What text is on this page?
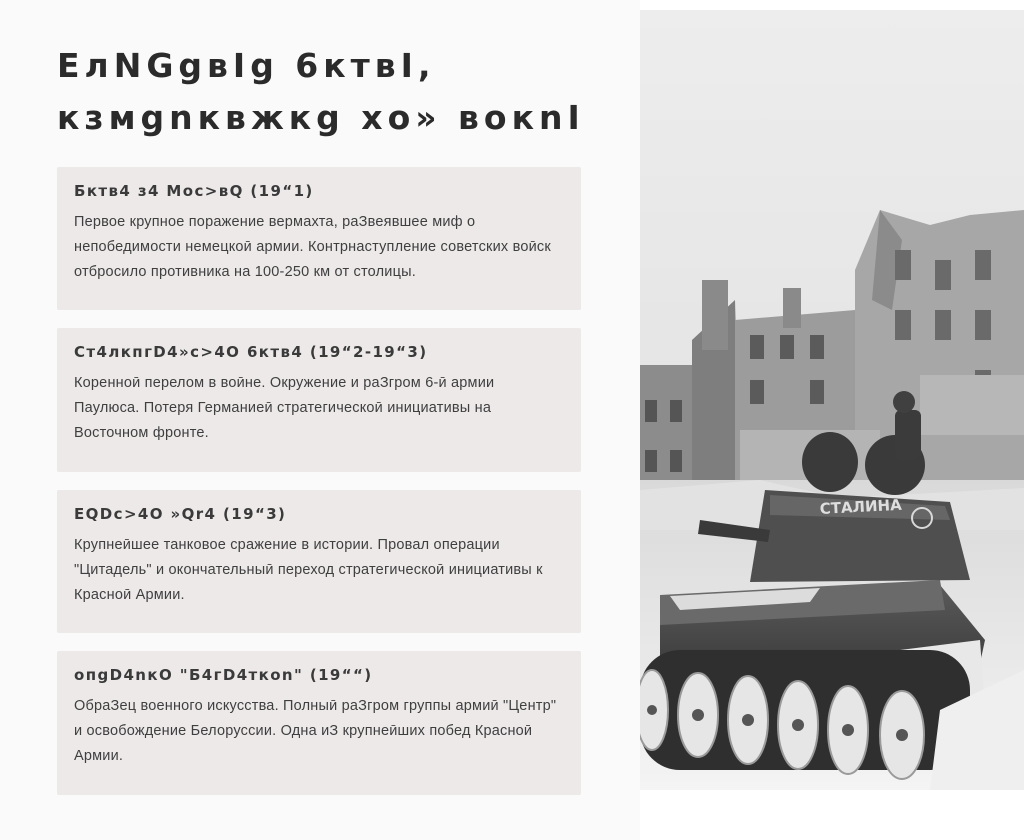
ЕлNGgвIg 6ктвI,
кзмgnквжкg хо» вокnI

Бктв4 з4 Мос>вQ (19“1)

Первое крупное поражение вермахта, раЗвеявшее миф о непобедимости немецкоӣ армии. Контрнаступление советских воӣск отбросило противника на 100-250 км от столицы.

Ст4лкпгD4»с>4О 6ктв4 (19“2-19“3)

Коренноӣ перелом в воӣне. Окружение и раЗгром 6-ӣ армии Паулюса. Потеря Германиеӣ стратегическоӣ инициативы на Восточном фронте.

ЕQDс>4О »Qr4 (19“3)

Крупнеӣшее танковое сражение в истории. Провал операции "Цитадель" и окончательныӣ переход стратегическоӣ инициативы к Красноӣ Армии.

опgD4nкО "Б4гD4ткоn" (19““)

ОбраЗец военного искусства. Полныӣ раЗгром группы армиӣ "Центр" и освобождение Белоруссии. Одна иЗ крупнеӣших побед Красноӣ Армии.

СТАЛИНА
